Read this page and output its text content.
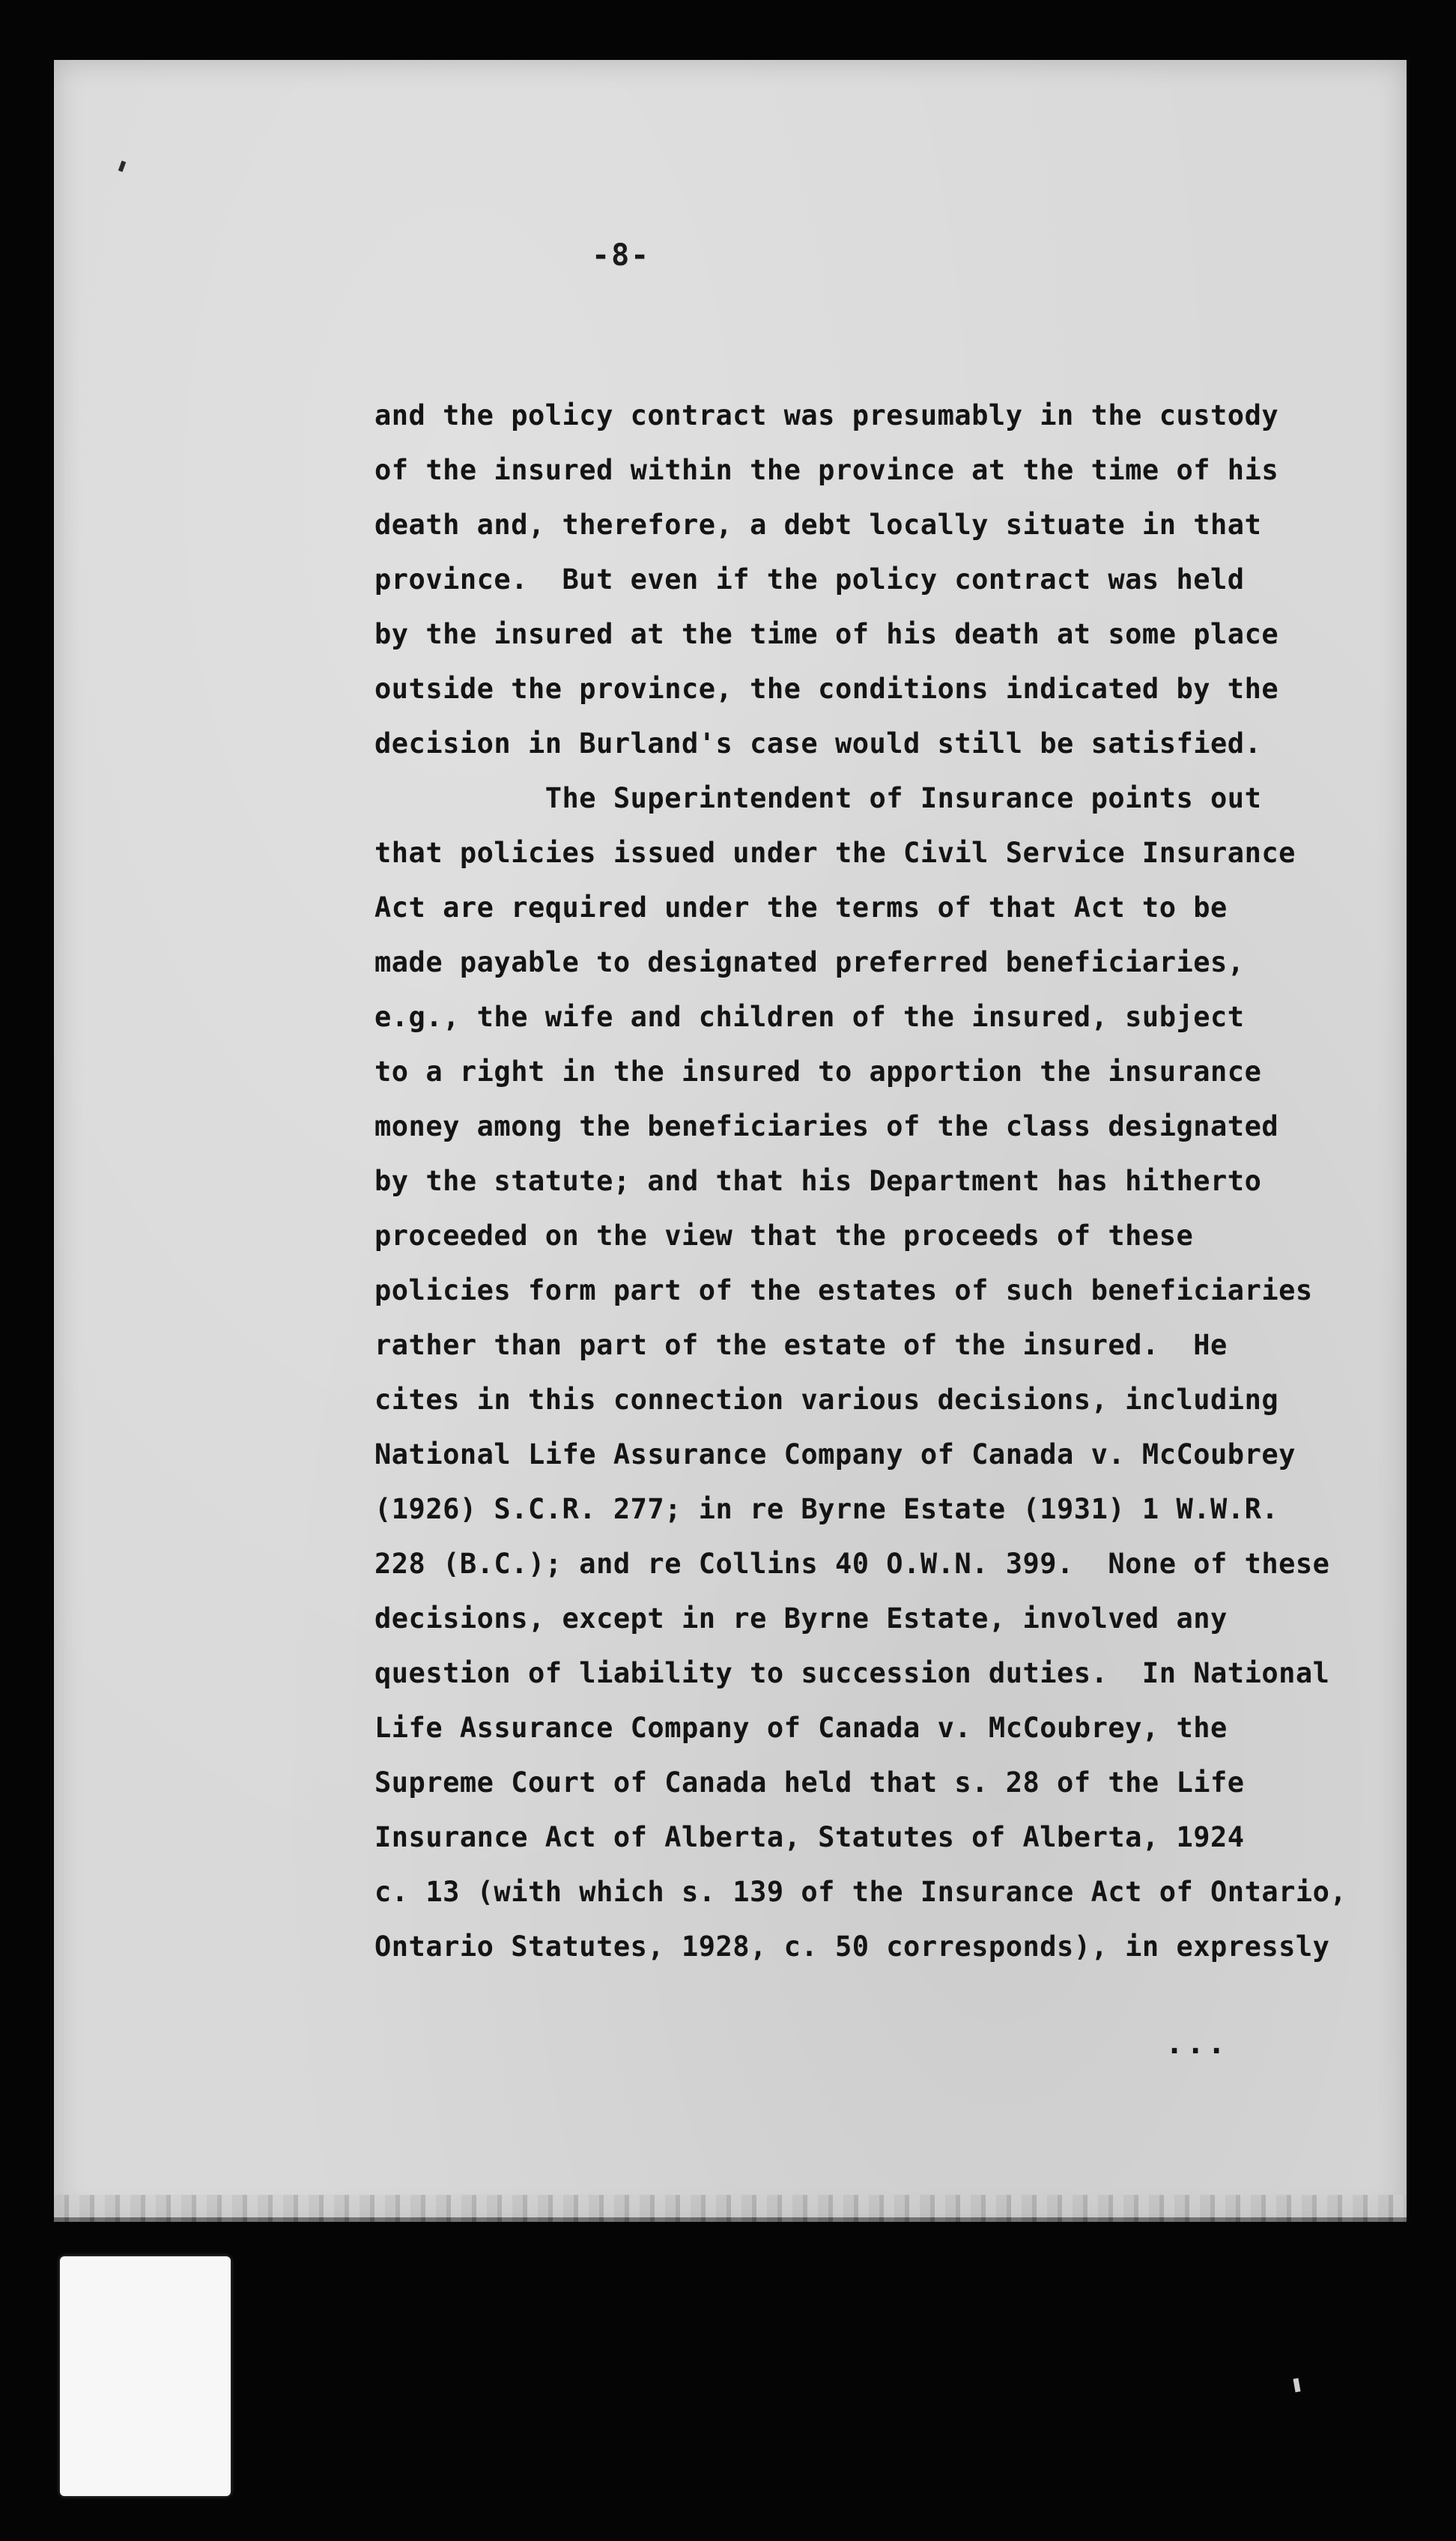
-8-
and the policy contract was presumably in the custody
of the insured within the province at the time of his
death and, therefore, a debt locally situate in that
province.  But even if the policy contract was held
by the insured at the time of his death at some place
outside the province, the conditions indicated by the
decision in Burland's case would still be satisfied.
The Superintendent of Insurance points out
that policies issued under the Civil Service Insurance
Act are required under the terms of that Act to be
made payable to designated preferred beneficiaries,
e.g., the wife and children of the insured, subject
to a right in the insured to apportion the insurance
money among the beneficiaries of the class designated
by the statute; and that his Department has hitherto
proceeded on the view that the proceeds of these
policies form part of the estates of such beneficiaries
rather than part of the estate of the insured.  He
cites in this connection various decisions, including
National Life Assurance Company of Canada v. McCoubrey
(1926) S.C.R. 277; in re Byrne Estate (1931) 1 W.W.R.
228 (B.C.); and re Collins 40 O.W.N. 399.  None of these
decisions, except in re Byrne Estate, involved any
question of liability to succession duties.  In National
Life Assurance Company of Canada v. McCoubrey, the
Supreme Court of Canada held that s. 28 of the Life
Insurance Act of Alberta, Statutes of Alberta, 1924
c. 13 (with which s. 139 of the Insurance Act of Ontario,
Ontario Statutes, 1928, c. 50 corresponds), in expressly
...
